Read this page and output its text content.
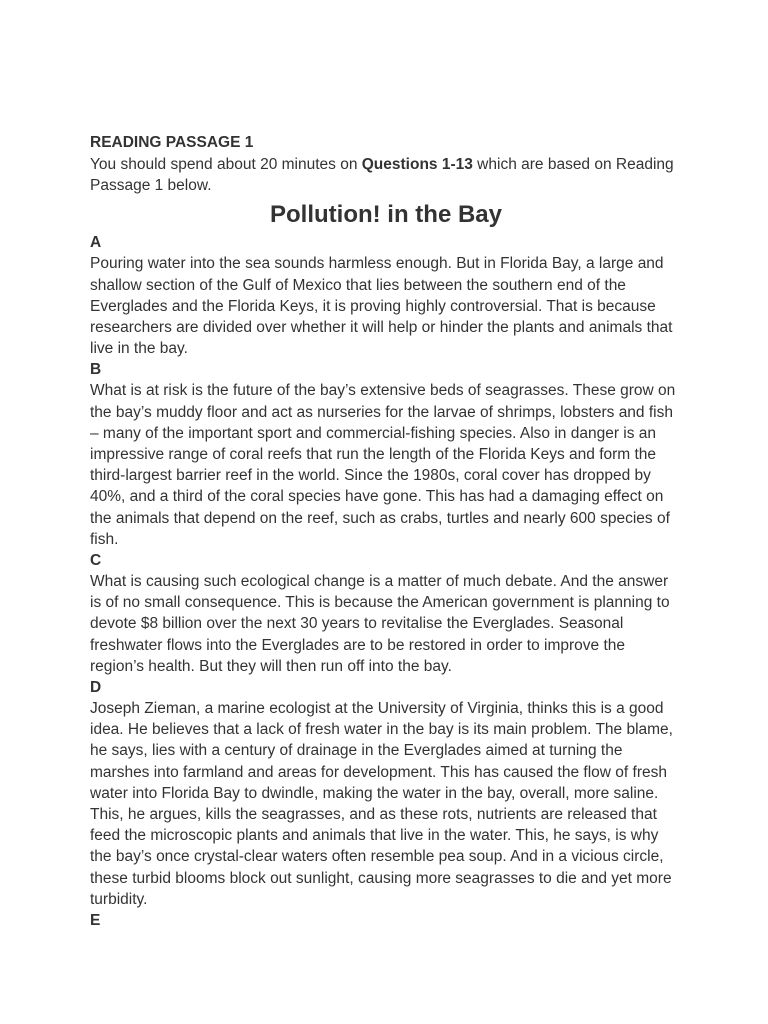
READING PASSAGE 1

You should spend about 20 minutes on Questions 1-13 which are based on Reading Passage 1 below.

Pollution! in the Bay
A

Pouring water into the sea sounds harmless enough. But in Florida Bay, a large and shallow section of the Gulf of Mexico that lies between the southern end of the Everglades and the Florida Keys, it is proving highly controversial. That is because researchers are divided over whether it will help or hinder the plants and animals that live in the bay.

B

What is at risk is the future of the bay’s extensive beds of seagrasses. These grow on the bay’s muddy floor and act as nurseries for the larvae of shrimps, lobsters and fish – many of the important sport and commercial-fishing species. Also in danger is an impressive range of coral reefs that run the length of the Florida Keys and form the third-largest barrier reef in the world. Since the 1980s, coral cover has dropped by 40%, and a third of the coral species have gone. This has had a damaging effect on the animals that depend on the reef, such as crabs, turtles and nearly 600 species of fish.

C

What is causing such ecological change is a matter of much debate. And the answer is of no small consequence. This is because the American government is planning to devote $8 billion over the next 30 years to revitalise the Everglades. Seasonal freshwater flows into the Everglades are to be restored in order to improve the region’s health. But they will then run off into the bay.

D

Joseph Zieman, a marine ecologist at the University of Virginia, thinks this is a good idea. He believes that a lack of fresh water in the bay is its main problem. The blame, he says, lies with a century of drainage in the Everglades aimed at turning the marshes into farmland and areas for development. This has caused the flow of fresh water into Florida Bay to dwindle, making the water in the bay, overall, more saline. This, he argues, kills the seagrasses, and as these rots, nutrients are released that feed the microscopic plants and animals that live in the water. This, he says, is why the bay’s once crystal-clear waters often resemble pea soup. And in a vicious circle, these turbid blooms block out sunlight, causing more seagrasses to die and yet more turbidity.

E
